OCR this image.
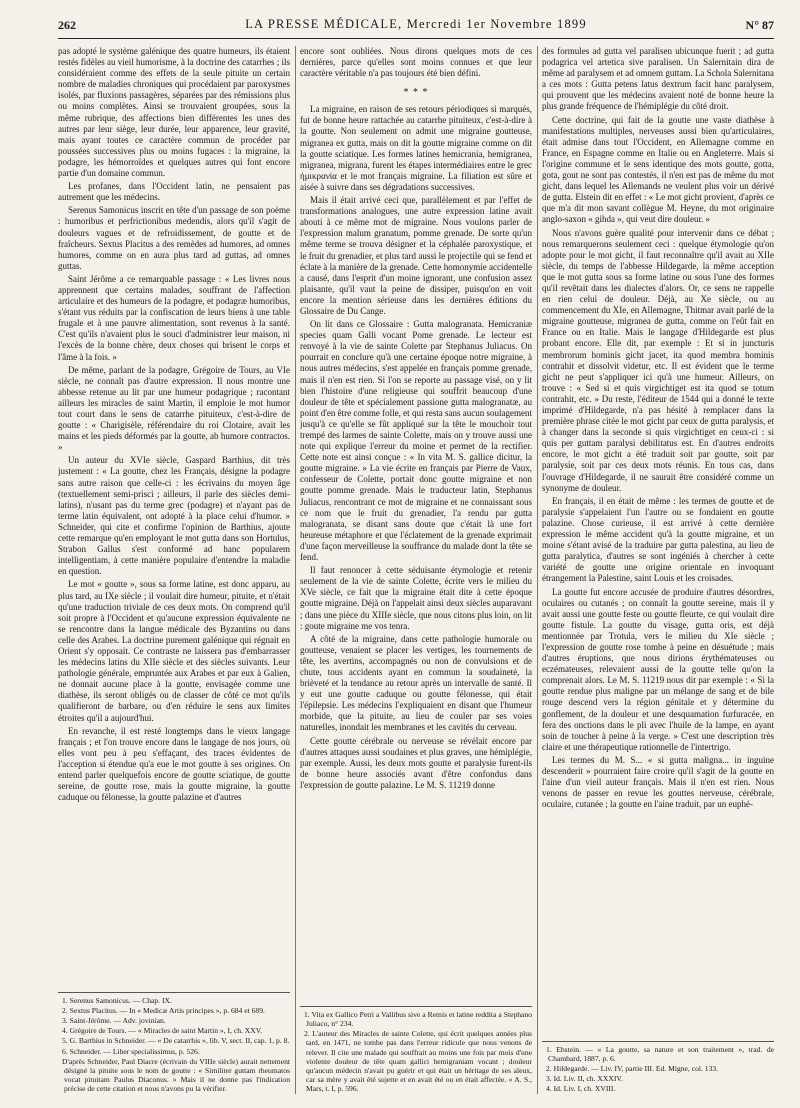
262	LA PRESSE MÉDICALE, Mercredi 1er Novembre 1899	N° 87

pas adopté le système galénique des quatre humeurs, ils étaient restés fidèles au vieil humorisme, à la doctrine des catarrhes ; ils considéraient comme des effets de la seule pituite un certain nombre de maladies chroniques qui procédaient par paroxysmes isolés, par fluxions passagères, séparées par des rémissions plus ou moins complètes. Ainsi se trouvaient groupées, sous la même rubrique, des affections bien différentes les unes des autres par leur siège, leur durée, leur apparence, leur gravité, mais ayant toutes ce caractère commun de procéder par poussées successives plus ou moins fugaces : la migraine, la podagre, les hémorroïdes et quelques autres qui font encore partie d'un domaine commun.

Les profanes, dans l'Occident latin, ne pensaient pas autrement que les médecins.

Serenus Samonicus inscrit en tête d'un passage de son poème : humoribus et perfrictionibus medendis, alors qu'il s'agit de douleurs vagues et de refroidissement, de goutte et de fraîcheurs. Sextus Placitus a des remèdes ad humores, ad omnes humores, comme on en aura plus tard ad guttas, ad omnes guttas.

Saint Jérôme a ce remarquable passage : « Les livres nous apprennent que certains malades, souffrant de l'affection articulaire et des humeurs de la podagre, et podagræ humoribus, s'étant vus réduits par la confiscation de leurs biens à une table frugale et à une pauvre alimentation, sont revenus à la santé. C'est qu'ils n'avaient plus le souci d'administrer leur maison, ni l'excès de la bonne chère, deux choses qui brisent le corps et l'âme à la fois. »

De même, parlant de la podagre, Grégoire de Tours, au VIe siècle, ne connaît pas d'autre expression. Il nous montre une abbesse retenue au lit par une humeur podagrique ; racontant ailleurs les miracles de saint Martin, il emploie le mot humor tout court dans le sens de catarrhe pituiteux, c'est-à-dire de goutte : « Charigisèle, référendaire du roi Clotaire, avait les mains et les pieds déformés par la goutte, ab humore contractos. »

Un auteur du XVIe siècle, Gaspard Barthius, dit très justement : « La goutte, chez les Français, désigne la podagre sans autre raison que celle-ci : les écrivains du moyen âge (textuellement semi-prisci ; ailleurs, il parle des siècles demi-latins), n'usant pas du terme grec (podagre) et n'ayant pas de terme latin équivalent, ont adopté à la place celui d'humor. » Schneider, qui cite et confirme l'opinion de Barthius, ajoute cette remarque qu'en employant le mot gutta dans son Hortulus, Strabon Gallus s'est conformé ad hanc popularem intelligentiam, à cette manière populaire d'entendre la maladie en question.

Le mot « goutte », sous sa forme latine, est donc apparu, au plus tard, au IXe siècle ; il voulait dire humeur, pituite, et n'était qu'une traduction triviale de ces deux mots. On comprend qu'il soit propre à l'Occident et qu'aucune expression équivalente ne se rencontre dans la langue médicale des Byzantins ou dans celle des Arabes. La doctrine purement galénique qui régnait en Orient s'y opposait. Ce contraste ne laissera pas d'embarrasser les médecins latins du XIIe siècle et des siècles suivants. Leur pathologie générale, empruntée aux Arabes et par eux à Galien, ne donnait aucune place à la goutte, envisagée comme une diathèse, ils seront obligés ou de classer de côté ce mot qu'ils qualifieront de barbare, ou d'en réduire le sens aux limites étroites qu'il a aujourd'hui.

En revanche, il est resté longtemps dans le vieux langage français ; et l'on trouve encore dans le langage de nos jours, où elles vont peu à peu s'effaçant, des traces évidentes de l'acception si étendue qu'a eue le mot goutte à ses origines. On entend parler quelquefois encore de goutte sciatique, de goutte sereine, de goutte rose, mais la goutte migraine, la goutte caduque ou félonesse, la goutte palazine et d'autres

1. Serenus Samonicus. — Chap. IX.
2. Sextus Placitus. — In « Medicæ Artis principes », p. 684 et 689.
3. Saint-Jérôme. — Adv. jovinian.
4. Grégoire de Tours. — « Miracles de saint Martin », I, ch. XXV.
5. G. Barthius in Schneider. — « De catarrhis », lib. V, sect. II, cap. 1, p. 8.
6. Schneider. — Liber specialissimus, p. 526.
D'après Schneider, Paul Diacre (écrivain du VIIIe siècle) aurait nettement désigné la pituite sous le nom de goutte : « Similiter guttam rheumatos vocat pituitam Paulus Diaconus. » Mais il ne donne pas l'indication précise de cette citation et nous n'avons pu la vérifier.

encore sont oubliées. Nous dirons quelques mots de ces dernières, parce qu'elles sont moins connues et que leur caractère véritable n'a pas toujours été bien défini.

* * *

La migraine, en raison de ses retours périodiques si marqués, fut de bonne heure rattachée au catarrhe pituiteux, c'est-à-dire à la goutte. Non seulement on admit une migraine goutteuse, migranea ex gutta, mais on dit la goutte migraine comme on dit la goutte sciatique. Les formes latines hemicrania, hemigranea, migranea, migrana, furent les étapes intermédiaires entre le grec ἡμικρανία et le mot français migraine. La filiation est sûre et aisée à suivre dans ses dégradations successives.

Mais il était arrivé ceci que, parallèlement et par l'effet de transformations analogues, une autre expression latine avait abouti à ce même mot de migraine. Nous voulons parler de l'expression malum granatum, pomme grenade. De sorte qu'un même terme se trouva désigner et la céphalée paroxystique, et le fruit du grenadier, et plus tard aussi le projectile qui se fend et éclate à la manière de la grenade. Cette homonymie accidentelle a causé, dans l'esprit d'un moine ignorant, une confusion assez plaisante, qu'il vaut la peine de dissiper, puisqu'on en voit encore la mention sérieuse dans les dernières éditions du Glossaire de Du Cange.

On lit dans ce Glossaire : Gutta malogranata. Hemicraniæ species quam Galli vocant Pome grenade. Le lecteur est renvoyé à la vie de sainte Colette par Stephanus Juliacus. On pourrait en conclure qu'à une certaine époque notre migraine, à nous autres médecins, s'est appelée en français pomme grenade, mais il n'en est rien. Si l'on se reporte au passage visé, on y lit bien l'histoire d'une religieuse qui souffrit beaucoup d'une douleur de tête et spécialement passione gutta malogranatæ, au point d'en être comme folle, et qui resta sans aucun soulagement jusqu'à ce qu'elle se fût appliqué sur la tête le mouchoir tout trempé des larmes de sainte Colette, mais on y trouve aussi une note qui explique l'erreur du moine et permet de la rectifier. Cette note est ainsi conçue : « In vita M. S. gallice dicitur, la goutte migraine. » La vie écrite en français par Pierre de Vaux, confesseur de Colette, portait donc goutte migraine et non goutte pomme grenade. Mais le traducteur latin, Stephanus Juliacus, rencontrant ce mot de migraine et ne connaissant sous ce nom que le fruit du grenadier, l'a rendu par gutta malogranata, se disant sans doute que c'était là une fort heureuse métaphore et que l'éclatement de la grenade exprimait d'une façon merveilleuse la souffrance du malade dont la tête se fend.

Il faut renoncer à cette séduisante étymologie et retenir seulement de la vie de sainte Colette, écrite vers le milieu du XVe siècle, ce fait que la migraine était dite à cette époque goutte migraine. Déjà on l'appelait ainsi deux siècles auparavant ; dans une pièce du XIIIe siècle, que nous citons plus loin, on lit : goute migraine me vos tenra.

A côté de la migraine, dans cette pathologie humorale ou goutteuse, venaient se placer les vertiges, les tournements de tête, les avertins, accompagnés ou non de convulsions et de chute, tous accidents ayant en commun la soudaineté, la brièveté et la tendance au retour après un intervalle de santé. Il y eut une goutte caduque ou goutte félonesse, qui était l'épilepsie. Les médecins l'expliquaient en disant que l'humeur morbide, que la pituite, au lieu de couler par ses voies naturelles, inondait les membranes et les cavités du cerveau.

Cette goutte cérébrale ou nerveuse se révélait encore par d'autres attaques aussi soudaines et plus graves, une hémiplégie, par exemple. Aussi, les deux mots goutte et paralysie furent-ils de bonne heure associés avant d'être confondus dans l'expression de goutte palazine. Le M. S. 11219 donne

1. Vita ex Gallico Petri a Vallibus sive a Remis et latine reddita a Stephano Juliaco, n° 234.
2. L'auteur des Miracles de sainte Colette, qui écrit quelques années plus tard, en 1471, ne tombe pas dans l'erreur ridicule que nous venons de relever. Il cite une malade qui souffrait au moins une fois par mois d'une violente douleur de tête quam gallici hemigraniam vocant ; douleur qu'aucun médecin n'avait pu guérir et qui était un héritage de ses aïeux, car sa mère y avait été sujette et en avait été ou en était affectée. « A. S., Mars, t. I, p. 596.

des formules ad gutta vel paralisen ubicunque fuerit ; ad gutta podagrica vel artetica sive paralisen. Un Salernitain dira de même ad paralysem et ad omnem guttam. La Schola Salernitana a ces mots : Gutta petens latus dextrum facit hanc paralysem, qui prouvent que les médecins avaient noté de bonne heure la plus grande fréquence de l'hémiplégie du côté droit.

Cette doctrine, qui fait de la goutte une vaste diathèse à manifestations multiples, nerveuses aussi bien qu'articulaires, était admise dans tout l'Occident, en Allemagne comme en France, en Espagne comme en Italie ou en Angleterre. Mais si l'origine commune et le sens identique des mots goutte, gotta, gota, gout ne sont pas contestés, il n'en est pas de même du mot gicht, dans lequel les Allemands ne veulent plus voir un dérivé de gutta. Elstein dit en effet : « Le mot gicht provient, d'après ce que m'a dit mon savant collègue M. Heyne, du mot originaire anglo-saxon « gihda », qui veut dire douleur. »

Nous n'avons guère qualité pour intervenir dans ce débat ; nous remarquerons seulement ceci : quelque étymologie qu'on adopte pour le mot gicht, il faut reconnaître qu'il avait au XIIe siècle, du temps de l'abbesse Hildegarde, la même acception que le mot gutta sous sa forme latine ou sous l'une des formes qu'il revêtait dans les dialectes d'alors. Or, ce sens ne rappelle en rien celui de douleur. Déjà, au Xe siècle, ou au commencement du XIe, en Allemagne, Thitmar avait parlé de la migraine goutteuse, migranea de gutta, comme on l'eût fait en France ou en Italie. Mais le langage d'Hildegarde est plus probant encore. Elle dit, par exemple : Et si in juncturis membrorum hominis gicht jacet, ita quod membra hominis contrahit et dissolvit videtur, etc. Il est évident que le terme gicht ne peut s'appliquer ici qu'à une humeur. Ailleurs, on trouve : « Sed si et quis virgichtiget est ita quod se totum contrahit, etc. » Du reste, l'éditeur de 1544 qui a donné le texte imprimé d'Hildegarde, n'a pas hésité à remplacer dans la première phrase citée le mot gicht par ceux de gutta paralysis, et à changer dans la seconde si quis virgichtiget en ceux-ci : si quis per guttam paralysi debilitatus est. En d'autres endroits encore, le mot gicht a été traduit soit par goutte, soit par paralysie, soit par ces deux mots réunis. En tous cas, dans l'ouvrage d'Hildegarde, il ne saurait être considéré comme un synonyme de douleur.

En français, il en était de même : les termes de goutte et de paralysie s'appelaient l'un l'autre ou se fondaient en goutte palazine. Chose curieuse, il est arrivé à cette dernière expression le même accident qu'à la goutte migraine, et un moine s'étant avisé de la traduire par gutta palestina, au lieu de gutta paralytica, d'autres se sont ingéniés à chercher à cette variété de goutte une origine orientale en invoquant étrangement la Palestine, saint Louis et les croisades.

La goutte fut encore accusée de produire d'autres désordres, oculaires ou cutanés ; on connaît la goutte sereine, mais il y avait aussi une goutte feste ou goutte fleurte, ce qui voulait dire goutte fistule. La goutte du visage, gutta oris, est déjà mentionnée par Trotula, vers le milieu du XIe siècle ; l'expression de goutte rose tombe à peine en désuétude ; mais d'autres éruptions, que nous dirions érythémateuses ou eczémateuses, relevaient aussi de la goutte telle qu'on la comprenait alors. Le M. S. 11219 nous dit par exemple : « Si la goutte rendue plus maligne par un mélange de sang et de bile rouge descend vers la région génitale et y détermine du gonflement, de la douleur et une desquamation furfuracée, en fera des onctions dans le pli avec l'huile de la lampe, en ayant soin de toucher à peine à la verge. » C'est une description très claire et une thérapeutique rationnelle de l'intertrigo.

Les termes du M. S... « si gutta maligna... in inguine descenderit » pourraient faire croire qu'il s'agit de la goutte en l'aine d'un vieil auteur français. Mais il n'en est rien. Nous venons de passer en revue les gouttes nerveuse, cérébrale, oculaire, cutanée ; la goutte en l'aine traduit, par un euphé-

1. Ebstein. — « La goutte, sa nature et son traitement », trad. de Chambard, 1887, p. 6.
2. Hildegarde. — Liv. IV, partie III. Ed. Migne, col. 133.
3. Id. Liv. II, ch. XXXIV.
4. Id. Liv. I, ch. XVIII.
